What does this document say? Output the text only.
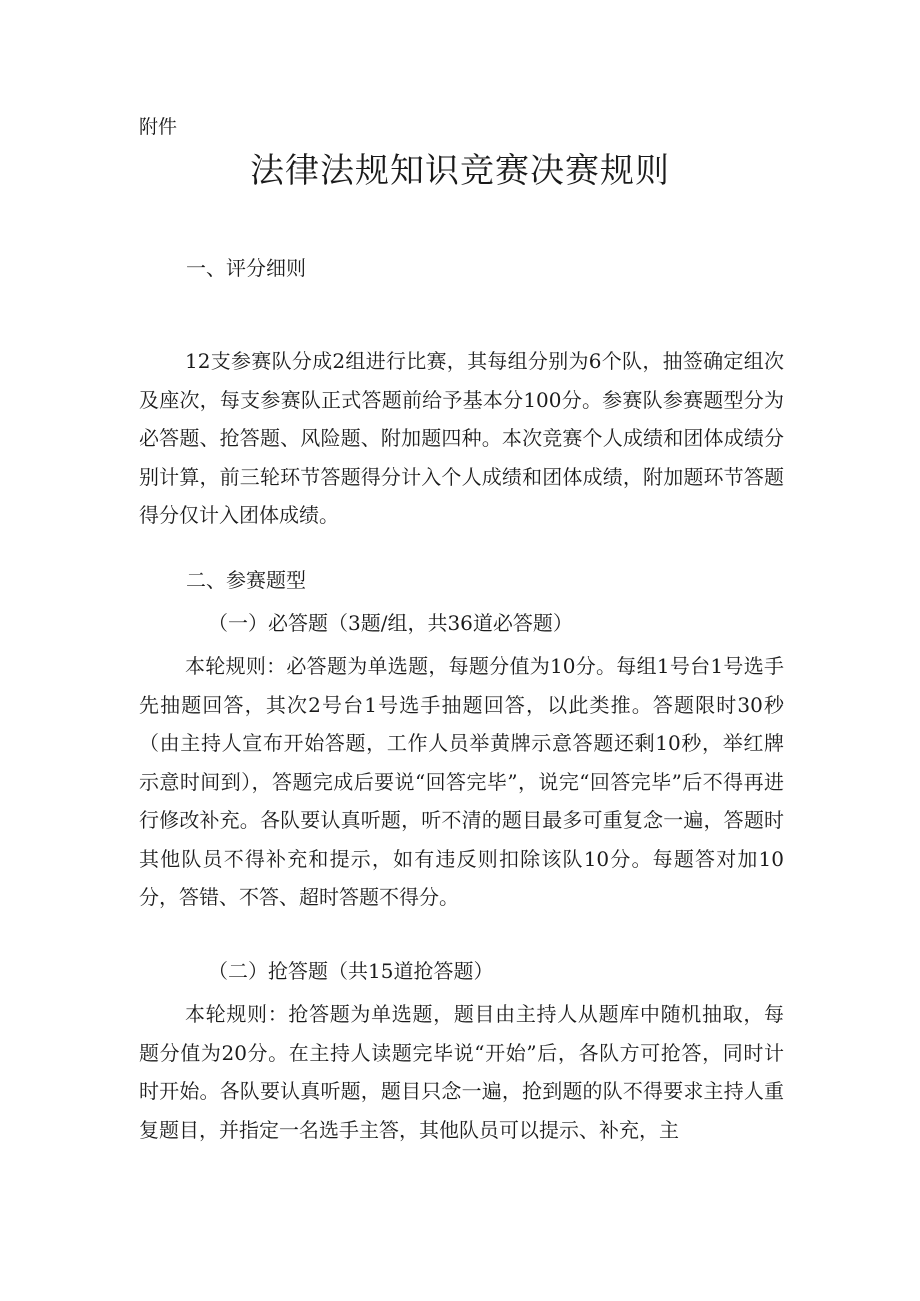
附件
法律法规知识竞赛决赛规则
一、评分细则

12支参赛队分成2组进行比赛，其每组分别为6个队，抽签确定组次及座次，每支参赛队正式答题前给予基本分100分。参赛队参赛题型分为必答题、抢答题、风险题、附加题四种。本次竞赛个人成绩和团体成绩分别计算，前三轮环节答题得分计入个人成绩和团体成绩，附加题环节答题得分仅计入团体成绩。

二、参赛题型
（一）必答题（3题/组，共36道必答题）

本轮规则：必答题为单选题，每题分值为10分。每组1号台1号选手先抽题回答，其次2号台1号选手抽题回答，以此类推。答题限时30秒（由主持人宣布开始答题，工作人员举黄牌示意答题还剩10秒，举红牌示意时间到），答题完成后要说“回答完毕”，说完“回答完毕”后不得再进行修改补充。各队要认真听题，听不清的题目最多可重复念一遍，答题时其他队员不得补充和提示，如有违反则扣除该队10分。每题答对加10分，答错、不答、超时答题不得分。

（二）抢答题（共15道抢答题）

本轮规则：抢答题为单选题，题目由主持人从题库中随机抽取，每题分值为20分。在主持人读题完毕说“开始”后，各队方可抢答，同时计时开始。各队要认真听题，题目只念一遍，抢到题的队不得要求主持人重复题目，并指定一名选手主答，其他队员可以提示、补充，主
